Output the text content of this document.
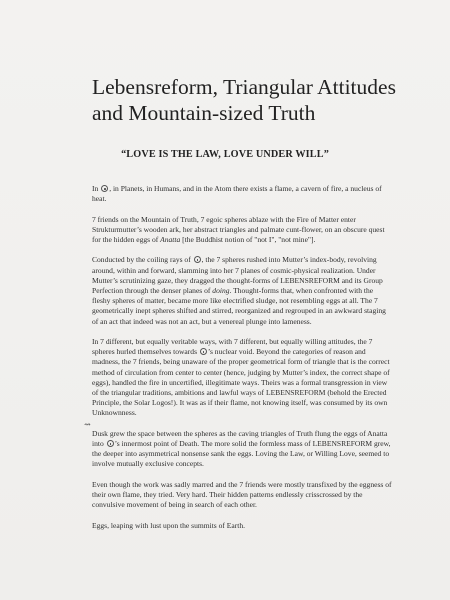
Lebensreform, Triangular Attitudes and Mountain-sized Truth
“LOVE IS THE LAW, LOVE UNDER WILL”
⇝

In , in Planets, in Humans, and in the Atom there exists a flame, a cavern of fire, a nucleus of heat.

7 friends on the Mountain of Truth, 7 egoic spheres ablaze with the Fire of Matter enter Strukturmutter’s wooden ark, her abstract triangles and palmate cunt-flower, on an obscure quest for the hidden eggs of Anatta [the Buddhist notion of "not I", "not mine"].

Conducted by the coiling rays of , the 7 spheres rushed into Mutter’s index-body, revolving around, within and forward, slamming into her 7 planes of cosmic-physical realization. Under Mutter’s scrutinizing gaze, they dragged the thought-forms of LEBENSREFORM and its Group Perfection through the denser planes of doing. Thought-forms that, when confronted with the fleshy spheres of matter, became more like electrified sludge, not resembling eggs at all. The 7 geometrically inept spheres shifted and stirred, reorganized and regrouped in an awkward staging of an act that indeed was not an act, but a venereal plunge into lameness.

In 7 different, but equally veritable ways, with 7 different, but equally willing attitudes, the 7 spheres hurled themselves towards ’s nuclear void. Beyond the categories of reason and madness, the 7 friends, being unaware of the proper geometrical form of triangle that is the correct method of circulation from center to center (hence, judging by Mutter’s index, the correct shape of eggs), handled the fire in uncertified, illegitimate ways. Theirs was a formal transgression in view of the triangular traditions, ambitions and lawful ways of LEBENSREFORM (behold the Erected Principle, the Solar Logos!). It was as if their flame, not knowing itself, was consumed by its own Unknownness.

Dusk grew the space between the spheres as the caving triangles of Truth flung the eggs of Anatta into ’s innermost point of Death. The more solid the formless mass of LEBENSREFORM grew, the deeper into asymmetrical nonsense sank the eggs. Loving the Law, or Willing Love, seemed to involve mutually exclusive concepts.

Even though the work was sadly marred and the 7 friends were mostly transfixed by the eggness of their own flame, they tried. Very hard. Their hidden patterns endlessly crisscrossed by the convulsive movement of being in search of each other.

Eggs, leaping with lust upon the summits of Earth.
